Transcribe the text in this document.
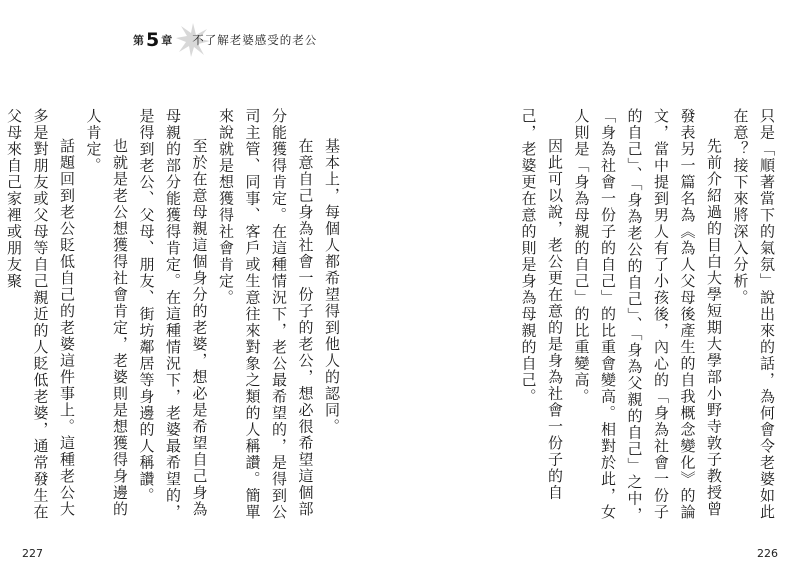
第 5 章 不了解老婆感受的老公

只是「順著當下的氣氛」說出來的話，為何會令老婆如此在意？接下來將深入分析。

先前介紹過的目白大學短期大學部小野寺敦子教授曾發表另一篇名為《為人父母後產生的自我概念變化》的論文，當中提到男人有了小孩後，內心的「身為社會一份子的自己」、「身為老公的自己」、「身為父親的自己」之中，「身為社會一份子的自己」的比重會變高。相對於此，女人則是「身為母親的自己」的比重變高。

因此可以說，老公更在意的是身為社會一份子的自己，老婆更在意的則是身為母親的自己。

基本上，每個人都希望得到他人的認同。

在意自己身為社會一份子的老公，想必很希望這個部分能獲得肯定。在這種情況下，老公最希望的，是得到公司主管、同事、客戶或生意往來對象之類的人稱讚。簡單來說就是想獲得社會肯定。

至於在意母親這個身分的老婆，想必是希望自己身為母親的部分能獲得肯定。在這種情況下，老婆最希望的，是得到老公、父母、朋友、街坊鄰居等身邊的人稱讚。

也就是老公想獲得社會肯定，老婆則是想獲得身邊的人肯定。

話題回到老公貶低自己的老婆這件事上。這種老公大多是對朋友或父母等自己親近的人貶低老婆，通常發生在父母來自己家裡或朋友聚

227	226
